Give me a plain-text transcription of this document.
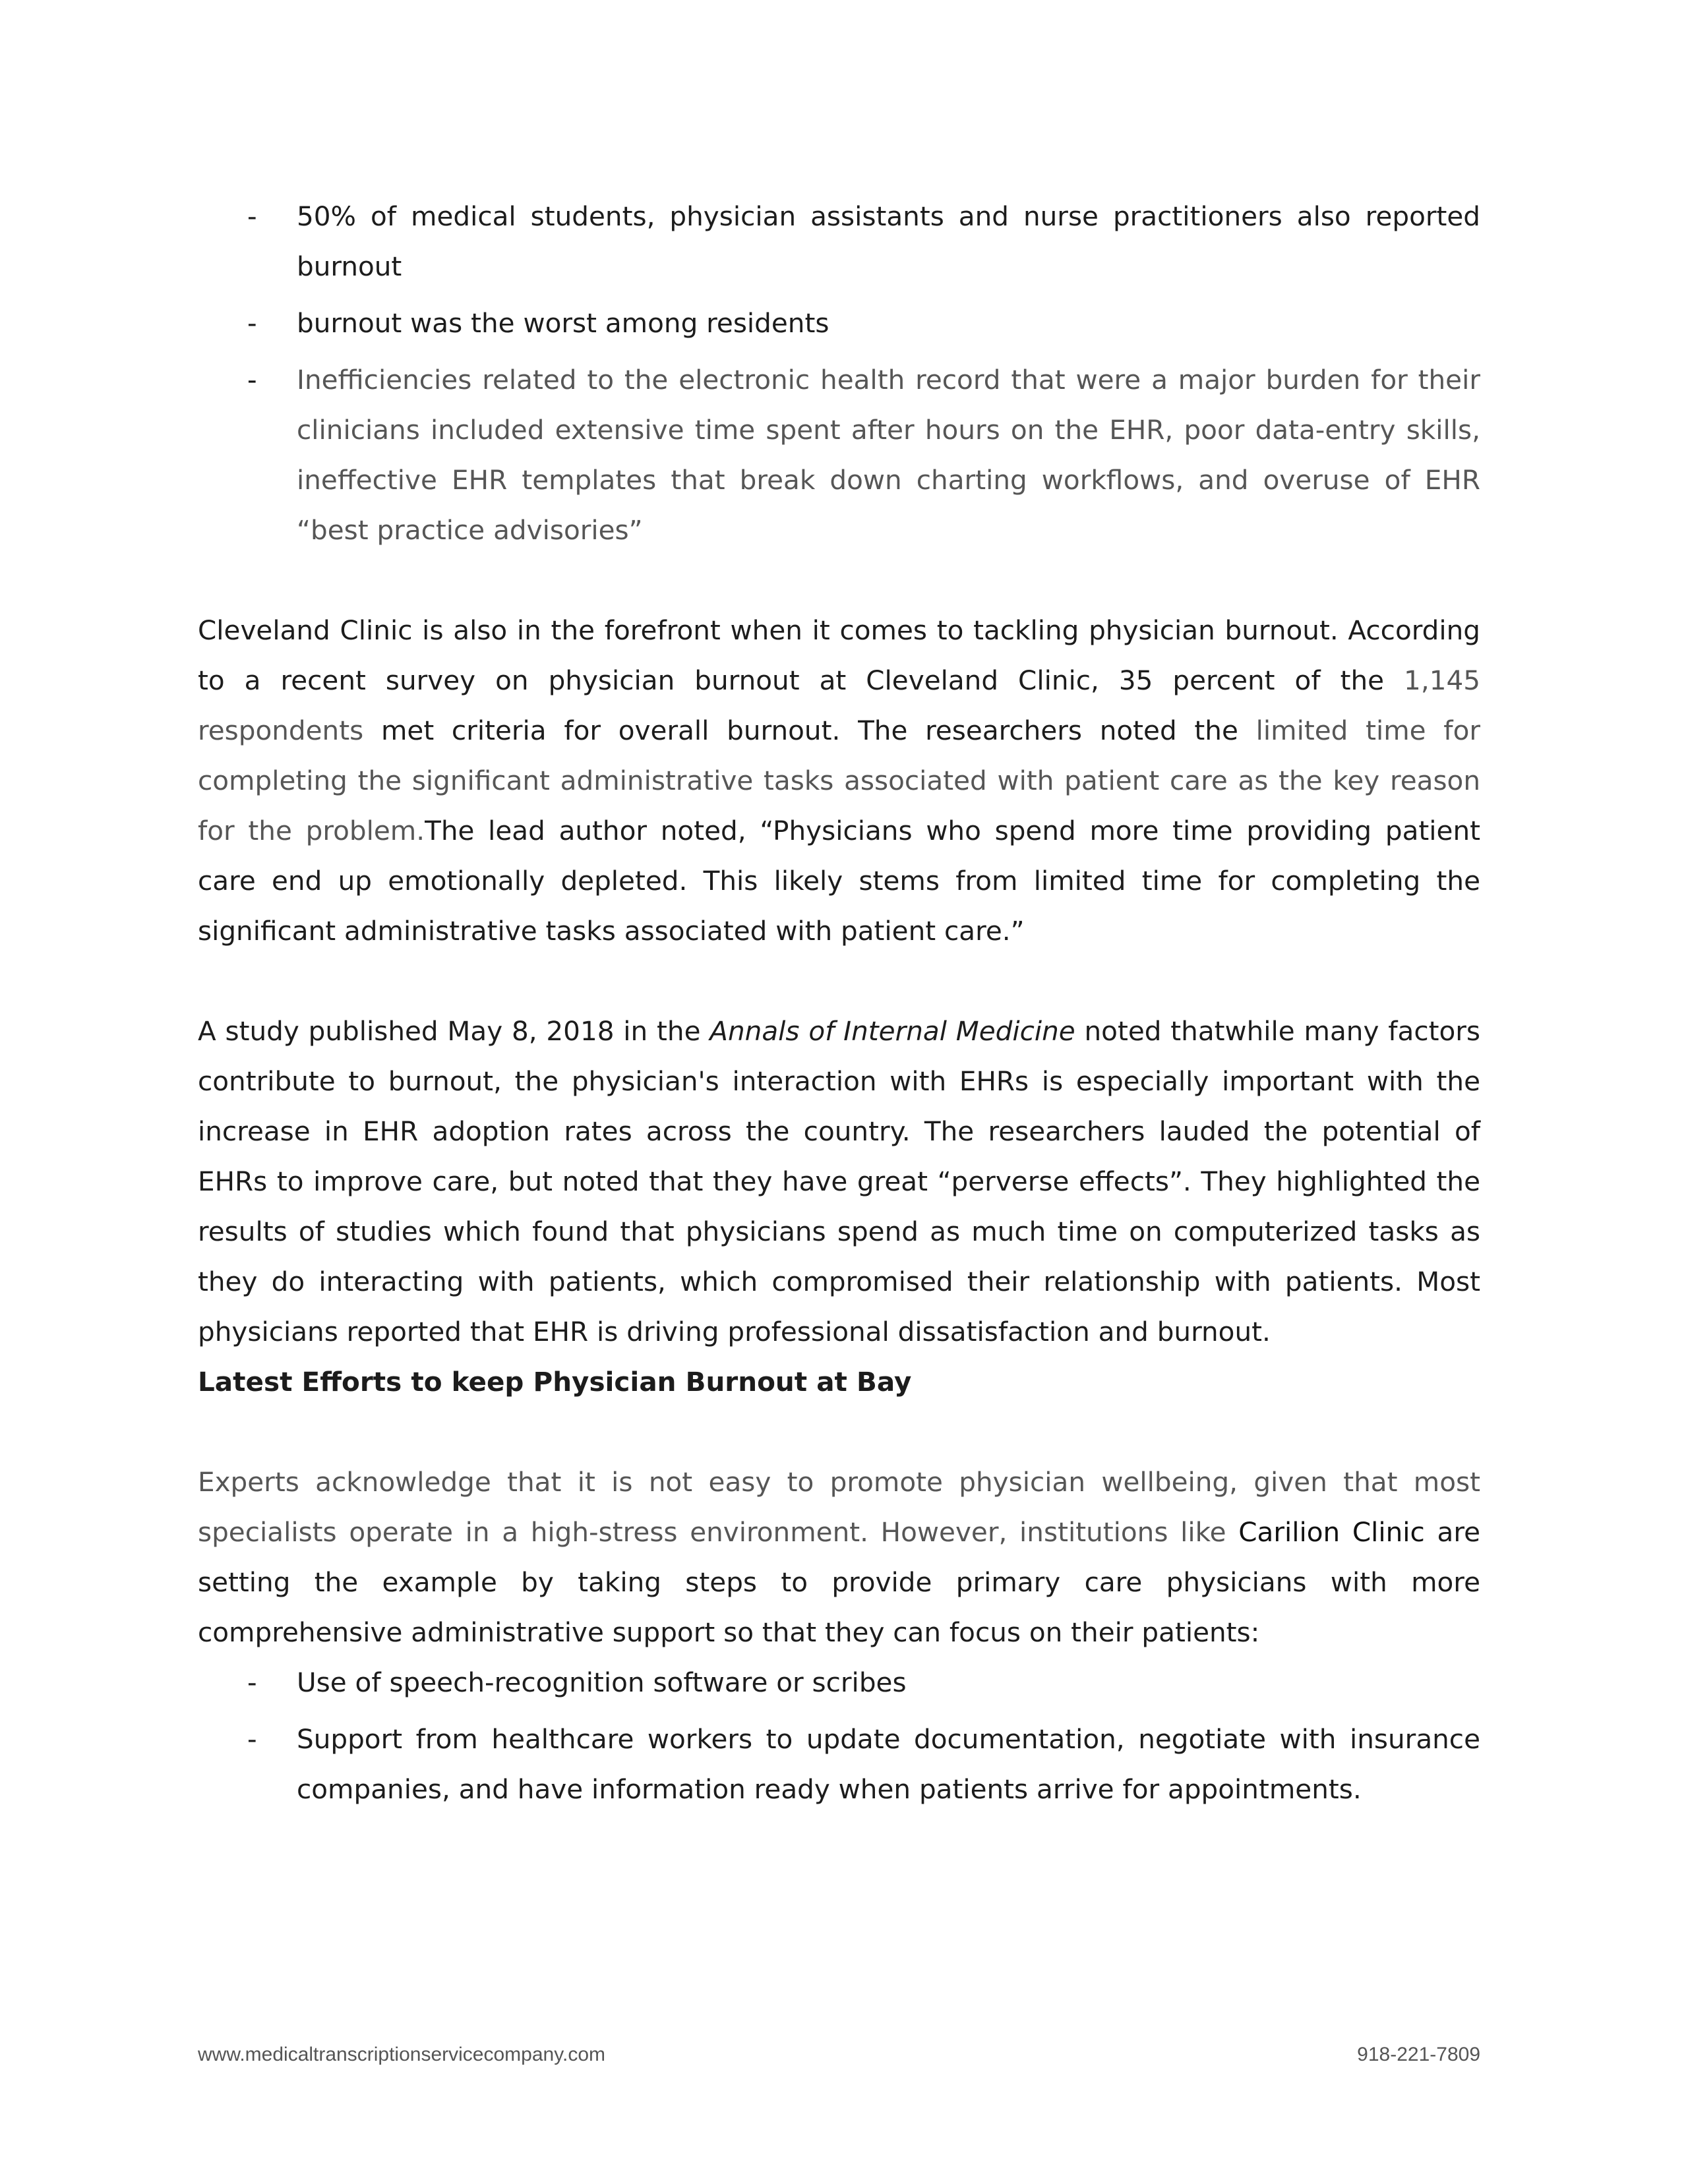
- 50% of medical students, physician assistants and nurse practitioners also reported burnout
- burnout was the worst among residents
- Inefficiencies related to the electronic health record that were a major burden for their clinicians included extensive time spent after hours on the EHR, poor data-entry skills, ineffective EHR templates that break down charting workflows, and overuse of EHR “best practice advisories”

Cleveland Clinic is also in the forefront when it comes to tackling physician burnout. According to a recent survey on physician burnout at Cleveland Clinic, 35 percent of the 1,145 respondents met criteria for overall burnout. The researchers noted the limited time for completing the significant administrative tasks associated with patient care as the key reason for the problem.The lead author noted, “Physicians who spend more time providing patient care end up emotionally depleted. This likely stems from limited time for completing the significant administrative tasks associated with patient care.”

A study published May 8, 2018 in the Annals of Internal Medicine noted thatwhile many factors contribute to burnout, the physician's interaction with EHRs is especially important with the increase in EHR adoption rates across the country. The researchers lauded the potential of EHRs to improve care, but noted that they have great “perverse effects”. They highlighted the results of studies which found that physicians spend as much time on computerized tasks as they do interacting with patients, which compromised their relationship with patients. Most physicians reported that EHR is driving professional dissatisfaction and burnout.

Latest Efforts to keep Physician Burnout at Bay

Experts acknowledge that it is not easy to promote physician wellbeing, given that most specialists operate in a high-stress environment. However, institutions like Carilion Clinic are setting the example by taking steps to provide primary care physicians with more comprehensive administrative support so that they can focus on their patients:

- Use of speech-recognition software or scribes
- Support from healthcare workers to update documentation, negotiate with insurance companies, and have information ready when patients arrive for appointments.
www.medicaltranscriptionservicecompany.com	918-221-7809
